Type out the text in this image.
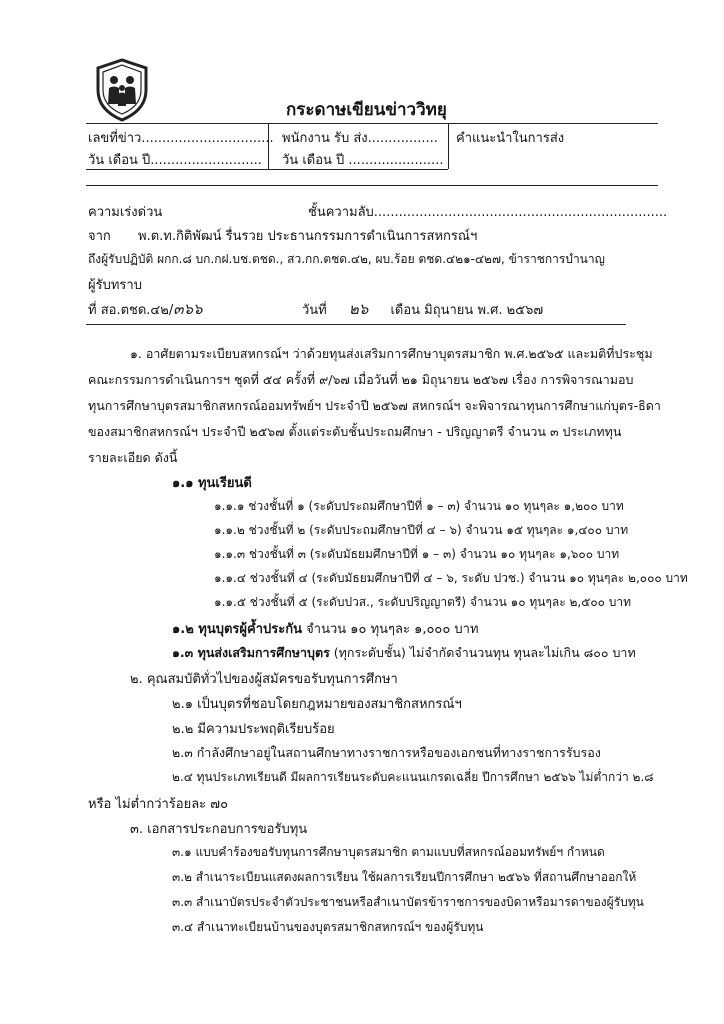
กระดาษเขียนข่าววิทยุ
เลขที่ข่าว................................
วัน เดือน ปี...........................
พนักงาน รับ ส่ง.................
วัน เดือน ปี .......................
คำแนะนำในการส่ง
ความเร่งด่วน	ชั้นความลับ.......................................................................
จาก พ.ต.ท.กิติพัฒน์ รื่นรวย ประธานกรรมการดำเนินการสหกรณ์ฯ
ถึงผู้รับปฏิบัติ ผกก.๘ บก.กฝ.บช.ตชด., สว.กก.ตชด.๔๒, ผบ.ร้อย ตชด.๔๒๑-๔๒๗, ข้าราชการบำนาญ
ผู้รับทราบ
ที่ สอ.ตชด.๔๒/๓๖๖	วันที่ ๒๖ เดือน มิถุนายน พ.ศ. ๒๕๖๗
๑. อาศัยตามระเบียบสหกรณ์ฯ ว่าด้วยทุนส่งเสริมการศึกษาบุตรสมาชิก พ.ศ.๒๕๖๕ และมติที่ประชุม
คณะกรรมการดำเนินการฯ ชุดที่ ๕๔ ครั้งที่ ๙/๖๗ เมื่อวันที่ ๒๑ มิถุนายน ๒๕๖๗ เรื่อง การพิจารณามอบ
ทุนการศึกษาบุตรสมาชิกสหกรณ์ออมทรัพย์ฯ ประจำปี ๒๕๖๗ สหกรณ์ฯ จะพิจารณาทุนการศึกษาแก่บุตร-ธิดา
ของสมาชิกสหกรณ์ฯ ประจำปี ๒๕๖๗ ตั้งแต่ระดับชั้นประถมศึกษา - ปริญญาตรี จำนวน ๓ ประเภททุน
รายละเอียด ดังนี้
๑.๑ ทุนเรียนดี
๑.๑.๑ ช่วงชั้นที่ ๑ (ระดับประถมศึกษาปีที่ ๑ – ๓) จำนวน ๑๐ ทุนๆละ ๑,๒๐๐ บาท
๑.๑.๒ ช่วงชั้นที่ ๒ (ระดับประถมศึกษาปีที่ ๔ – ๖) จำนวน ๑๕ ทุนๆละ ๑,๔๐๐ บาท
๑.๑.๓ ช่วงชั้นที่ ๓ (ระดับมัธยมศึกษาปีที่ ๑ – ๓) จำนวน ๑๐ ทุนๆละ ๑,๖๐๐ บาท
๑.๑.๔ ช่วงชั้นที่ ๔ (ระดับมัธยมศึกษาปีที่ ๔ – ๖, ระดับ ปวช.) จำนวน ๑๐ ทุนๆละ ๒,๐๐๐ บาท
๑.๑.๕ ช่วงชั้นที่ ๕ (ระดับปวส., ระดับปริญญาตรี) จำนวน ๑๐ ทุนๆละ ๒,๕๐๐ บาท
๑.๒ ทุนบุตรผู้ค้ำประกัน จำนวน ๑๐ ทุนๆละ ๑,๐๐๐ บาท
๑.๓ ทุนส่งเสริมการศึกษาบุตร (ทุกระดับชั้น) ไม่จำกัดจำนวนทุน ทุนละไม่เกิน ๘๐๐ บาท
๒. คุณสมบัติทั่วไปของผู้สมัครขอรับทุนการศึกษา
๒.๑ เป็นบุตรที่ชอบโดยกฎหมายของสมาชิกสหกรณ์ฯ
๒.๒ มีความประพฤติเรียบร้อย
๒.๓ กำลังศึกษาอยู่ในสถานศึกษาทางราชการหรือของเอกชนที่ทางราชการรับรอง
๒.๔ ทุนประเภทเรียนดี มีผลการเรียนระดับคะแนนเกรดเฉลี่ย ปีการศึกษา ๒๕๖๖ ไม่ต่ำกว่า ๒.๘
หรือ ไม่ต่ำกว่าร้อยละ ๗๐
๓. เอกสารประกอบการขอรับทุน
๓.๑ แบบคำร้องขอรับทุนการศึกษาบุตรสมาชิก ตามแบบที่สหกรณ์ออมทรัพย์ฯ กำหนด
๓.๒ สำเนาระเบียนแสดงผลการเรียน ใช้ผลการเรียนปีการศึกษา ๒๕๖๖ ที่สถานศึกษาออกให้
๓.๓ สำเนาบัตรประจำตัวประชาชนหรือสำเนาบัตรข้าราชการของบิดาหรือมารดาของผู้รับทุน
๓.๔ สำเนาทะเบียนบ้านของบุตรสมาชิกสหกรณ์ฯ ของผู้รับทุน
